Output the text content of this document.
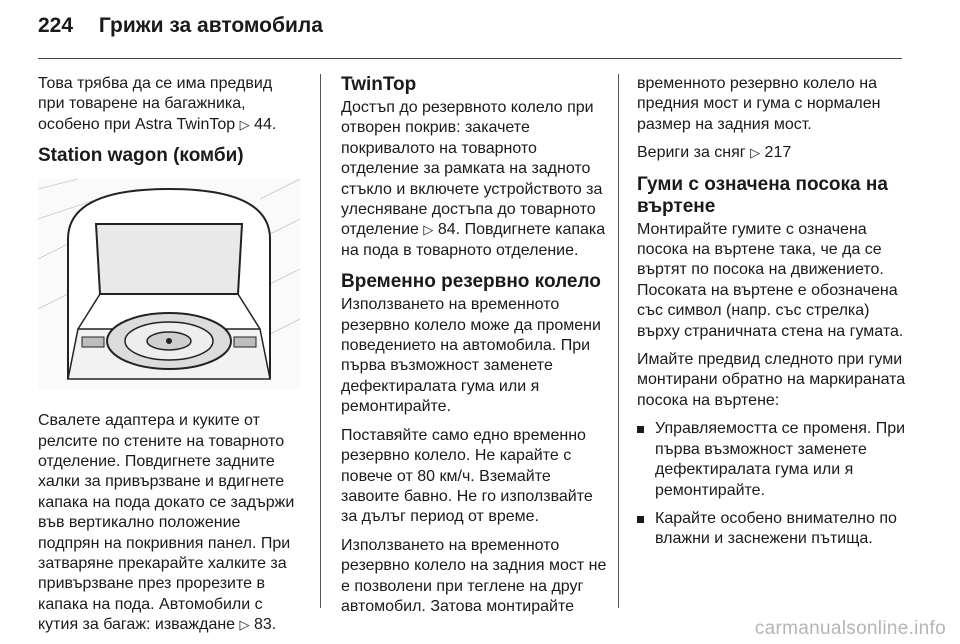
224 Грижи за автомобила

Това трябва да се има предвид при товарене на багажника, особено при Astra TwinTop ▷ 44.

Station wagon (комби)

Свалете адаптера и куките от релсите по стените на товарното отделение. Повдигнете задните халки за привързване и вдигнете капака на пода докато се задържи във вертикално положение подпрян на покривния панел. При затваряне прекарайте халките за привързване през прорезите в капака на пода. Автомобили с кутия за багаж: изваждане ▷ 83.

TwinTop

Достъп до резервното колело при отворен покрив: закачете покривалото на товарното отделение за рамката на задното стъкло и включете устройството за улесняване достъпа до товарното отделение ▷ 84. Повдигнете капака на пода в товарното отделение.

Временно резервно колело

Използването на временното резервно колело може да промени поведението на автомобила. При първа възможност заменете дефектиралата гума или я ремонтирайте.

Поставяйте само едно временно резервно колело. Не карайте с повече от 80 км/ч. Вземайте завоите бавно. Не го използвайте за дълъг период от време.

Използването на временното резервно колело на задния мост не е позволени при теглене на друг автомобил. Затова монтирайте

временното резервно колело на предния мост и гума с нормален размер на задния мост.

Вериги за сняг ▷ 217

Гуми с означена посока на въртене

Монтирайте гумите с означена посока на въртене така, че да се въртят по посока на движението. Посоката на въртене е обозначена със символ (напр. със стрелка) върху страничната стена на гумата.

Имайте предвид следното при гуми монтирани обратно на маркираната посока на въртене:

Управляемостта се променя. При първа възможност заменете дефектиралата гума или я ремонтирайте.
Карайте особено внимателно по влажни и заснежени пътища.
carmanualsonline.info
